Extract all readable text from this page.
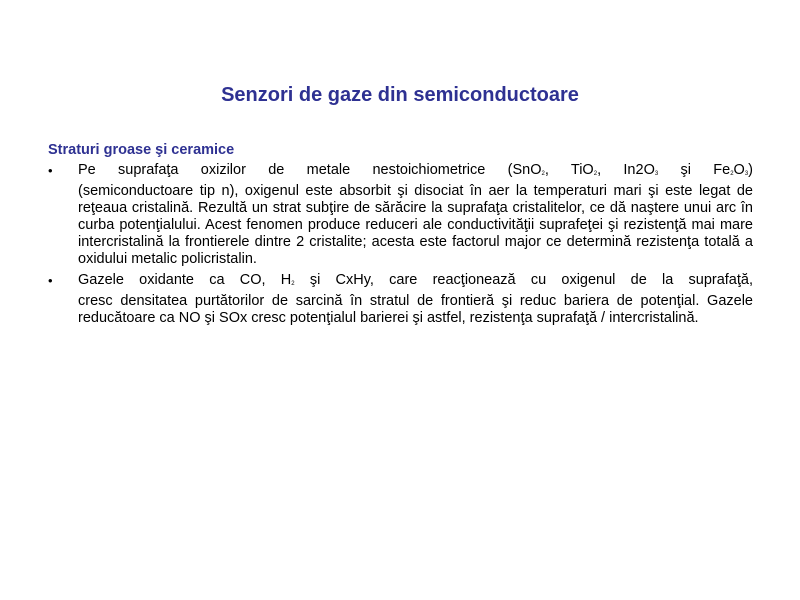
Senzori de gaze din semiconductoare
Straturi groase şi ceramice
•	Pe suprafaţa oxizilor de metale nestoichiometrice (SnO$_2$, TiO$_2$, $In2O_3$ şi $Fe_2O_3$)
(semiconductoare tip n), oxigenul este absorbit şi disociat în aer la temperaturi mari şi este legat de reţeaua cristalină. Rezultă un strat subţire de sărăcire la suprafaţa cristalitelor, ce dă naştere unui arc în curba potenţialului. Acest fenomen produce reduceri ale conductivităţii suprafeţei şi rezistenţă mai mare intercristalină la frontierele dintre 2 cristalite; acesta este factorul major ce determină rezistenţa totală a oxidului metalic policristalin.
•	Gazele oxidante ca CO, $H_2$ şi CxHy, care reacţionează cu oxigenul de la suprafaţă,
cresc densitatea purtătorilor de sarcină în stratul de frontieră şi reduc bariera de potenţial. Gazele reducătoare ca NO şi SOx cresc potenţialul barierei şi astfel, rezistenţa suprafaţă / intercristalină.
